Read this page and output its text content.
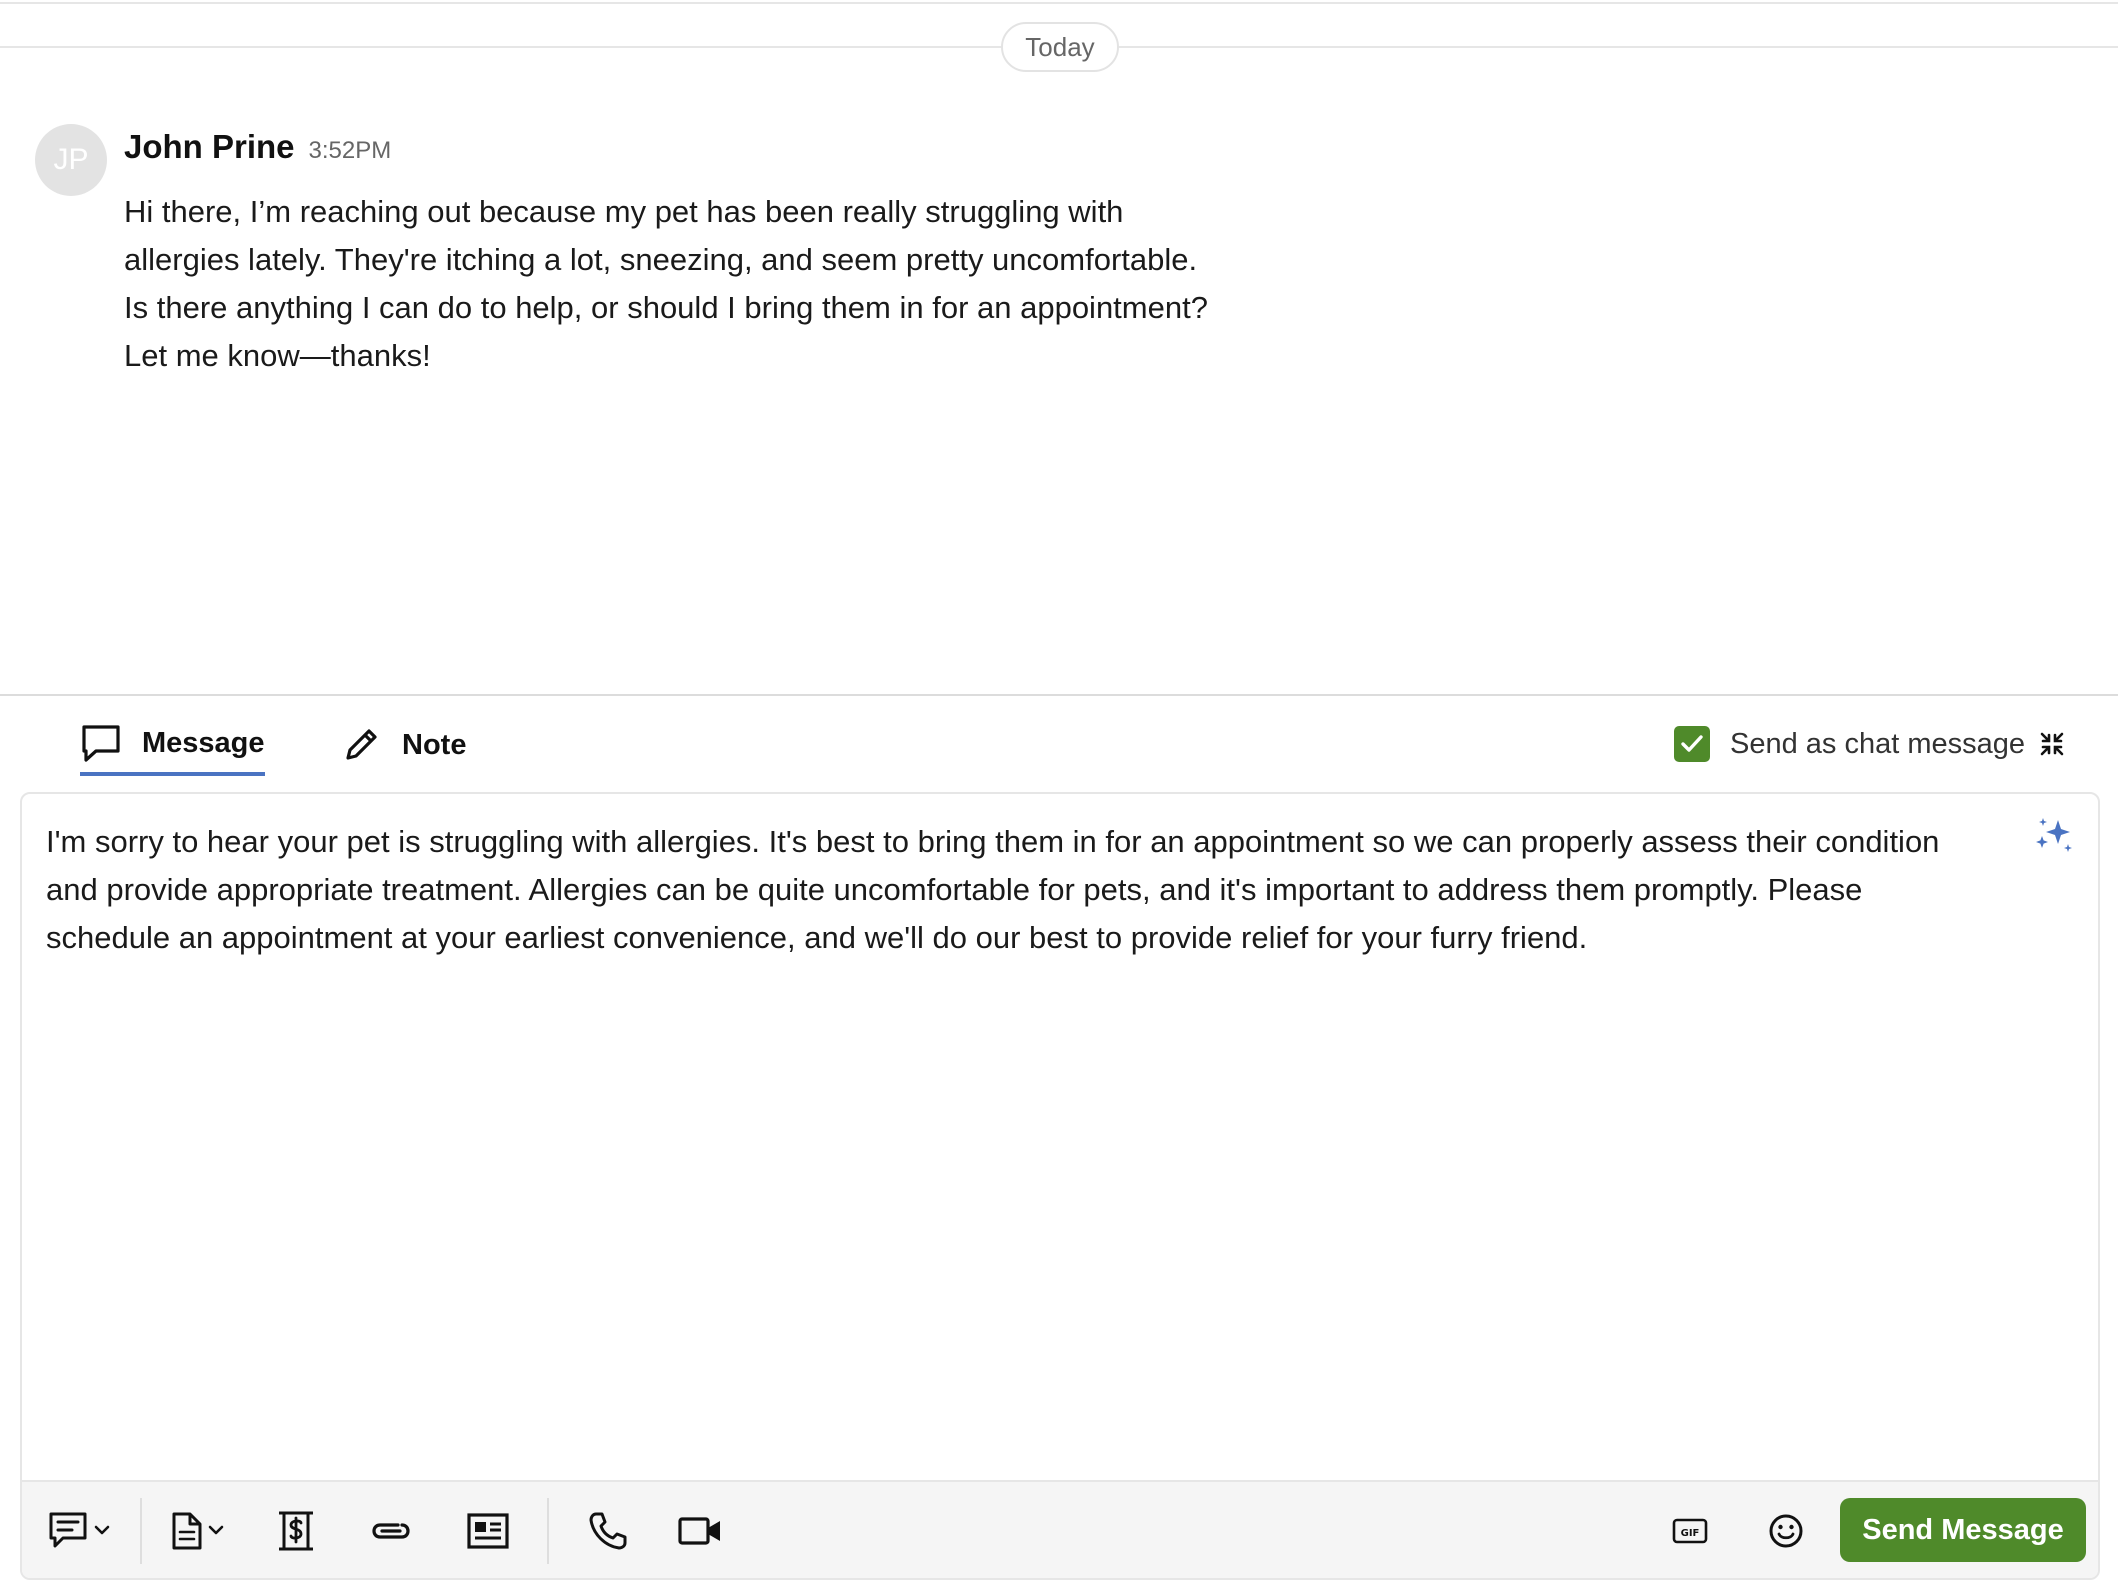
Today
JP	John Prine 3:52PM
Hi there, I’m reaching out because my pet has been really struggling with
allergies lately. They're itching a lot, sneezing, and seem pretty uncomfortable.
Is there anything I can do to help, or should I bring them in for an appointment?
Let me know—thanks!
Message	Note	Send as chat message
I'm sorry to hear your pet is struggling with allergies. It's best to bring them in for an appointment so we can properly assess their condition and provide appropriate treatment. Allergies can be quite uncomfortable for pets, and it's important to address them promptly. Please schedule an appointment at your earliest convenience, and we'll do our best to provide relief for your furry friend.
GIF	Send Message
